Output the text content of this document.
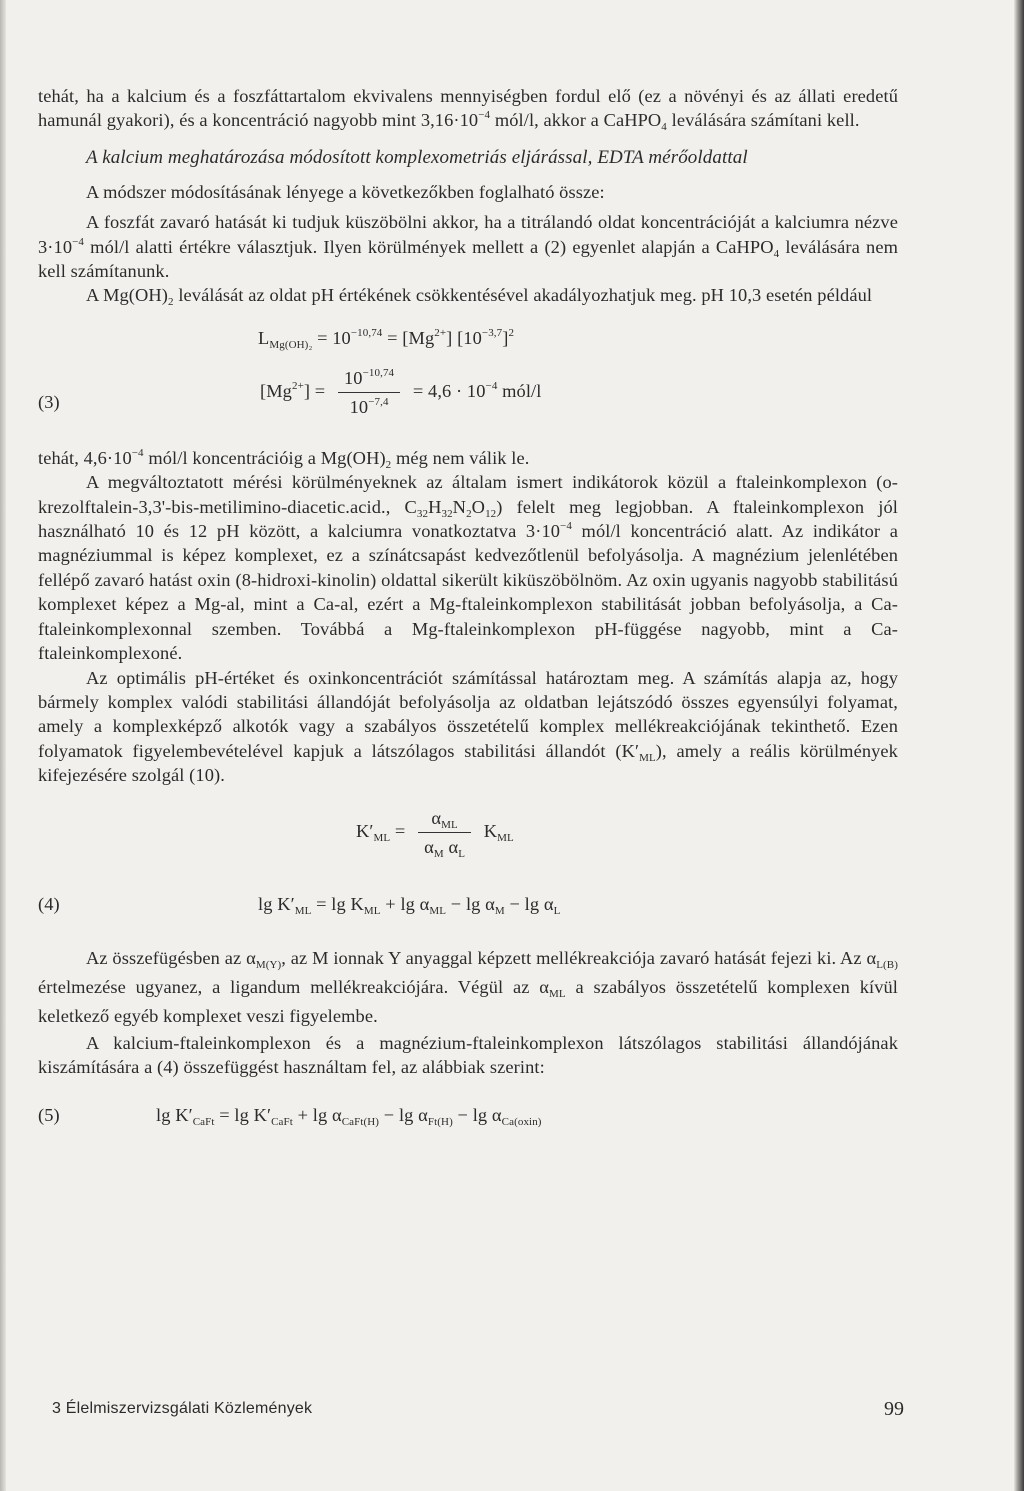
tehát, ha a kalcium és a foszfáttartalom ekvivalens mennyiségben fordul elő (ez a növényi és az állati eredetű hamunál gyakori), és a koncentráció nagyobb mint $3,16\cdot 10^{-4}$ mól/l, akkor a CaHPO$_4$ leválására számítani kell.

A kalcium meghatározása módosított komplexometriás eljárással, EDTA mérőoldattal

A módszer módosításának lényege a következőkben foglalható össze:

A foszfát zavaró hatását ki tudjuk küszöbölni akkor, ha a titrálandó oldat koncentrációját a kalciumra nézve $3\cdot 10^{-4}$ mól/l alatti értékre választjuk. Ilyen körülmények mellett a (2) egyenlet alapján a CaHPO$_4$ leválására nem kell számítanunk.

A $Mg(OH)_2$ leválását az oldat pH értékének csökkentésével akadályozhatjuk meg. pH 10,3 esetén például

$L_{Mg(OH)_2} = 10^{-10,74} = [Mg^{2+}]$ $[10^{-3,7}]^2$
(3)
$[Mg^{2+}] = \frac{10^{-10,74}}{10^{-7,4}} = 4,6 \cdot 10^{-4}$ mól/l

tehát, $4,6\cdot 10^{-4}$ mól/l koncentrációig a $Mg(OH)_2$ még nem válik le.

A megváltoztatott mérési körülményeknek az általam ismert indikátorok közül a ftaleinkomplexon (o-krezolftalein-3,3'-bis-metilimino-diacetic.acid., $C_{32}H_{32}N_2O_{12}$) felelt meg legjobban. A ftaleinkomplexon jól használható 10 és 12 pH között, a kalciumra vonatkoztatva $3\cdot 10^{-4}$ mól/l koncentráció alatt. Az indikátor a magnéziummal is képez komplexet, ez a színátcsapást kedvezőtlenül befolyásolja. A magnézium jelenlétében fellépő zavaró hatást oxin (8-hidroxi-kinolin) oldattal sikerült kiküszöbölnöm. Az oxin ugyanis nagyobb stabilitású komplexet képez a Mg-al, mint a Ca-al, ezért a Mg-ftaleinkomplexon stabilitását jobban befolyásolja, a Ca-ftaleinkomplexonnal szemben. Továbbá a Mg-ftaleinkomplexon pH-függése nagyobb, mint a Ca-ftaleinkomplexoné.

Az optimális pH-értéket és oxinkoncentrációt számítással határoztam meg. A számítás alapja az, hogy bármely komplex valódi stabilitási állandóját befolyásolja az oldatban lejátszódó összes egyensúlyi folyamat, amely a komplexképző alkotók vagy a szabályos összetételű komplex mellékreakciójának tekinthető. Ezen folyamatok figyelembevételével kapjuk a látszólagos stabilitási állandót $(K'_{ML})$, amely a reális körülmények kifejezésére szolgál (10).

$K'_{ML} = \frac{\alpha_{ML}}{\alpha_M \alpha_L} K_{ML}$
(4)	$\lg K'_{ML} = \lg K_{ML} + \lg \alpha_{ML} - \lg \alpha_M - \lg \alpha_L$

Az összefügésben az $\alpha_{M(Y)}$, az M ionnak Y anyaggal képzett mellékreakciója zavaró hatását fejezi ki. Az $\alpha_{L(B)}$ értelmezése ugyanez, a ligandum mellékreakciójára. Végül az $\alpha_{ML}$ a szabályos összetételű komplexen kívül keletkező egyéb komplexet veszi figyelembe.

A kalcium-ftaleinkomplexon és a magnézium-ftaleinkomplexon látszólagos stabilitási állandójának kiszámítására a (4) összefüggést használtam fel, az alábbiak szerint:

(5)	$\lg K'_{CaFt} = \lg K'_{CaFt} + \lg \alpha_{CaFt(H)} - \lg \alpha_{Ft(H)} - \lg \alpha_{Ca(oxin)}$
3 Élelmiszervizsgálati Közlemények	99
